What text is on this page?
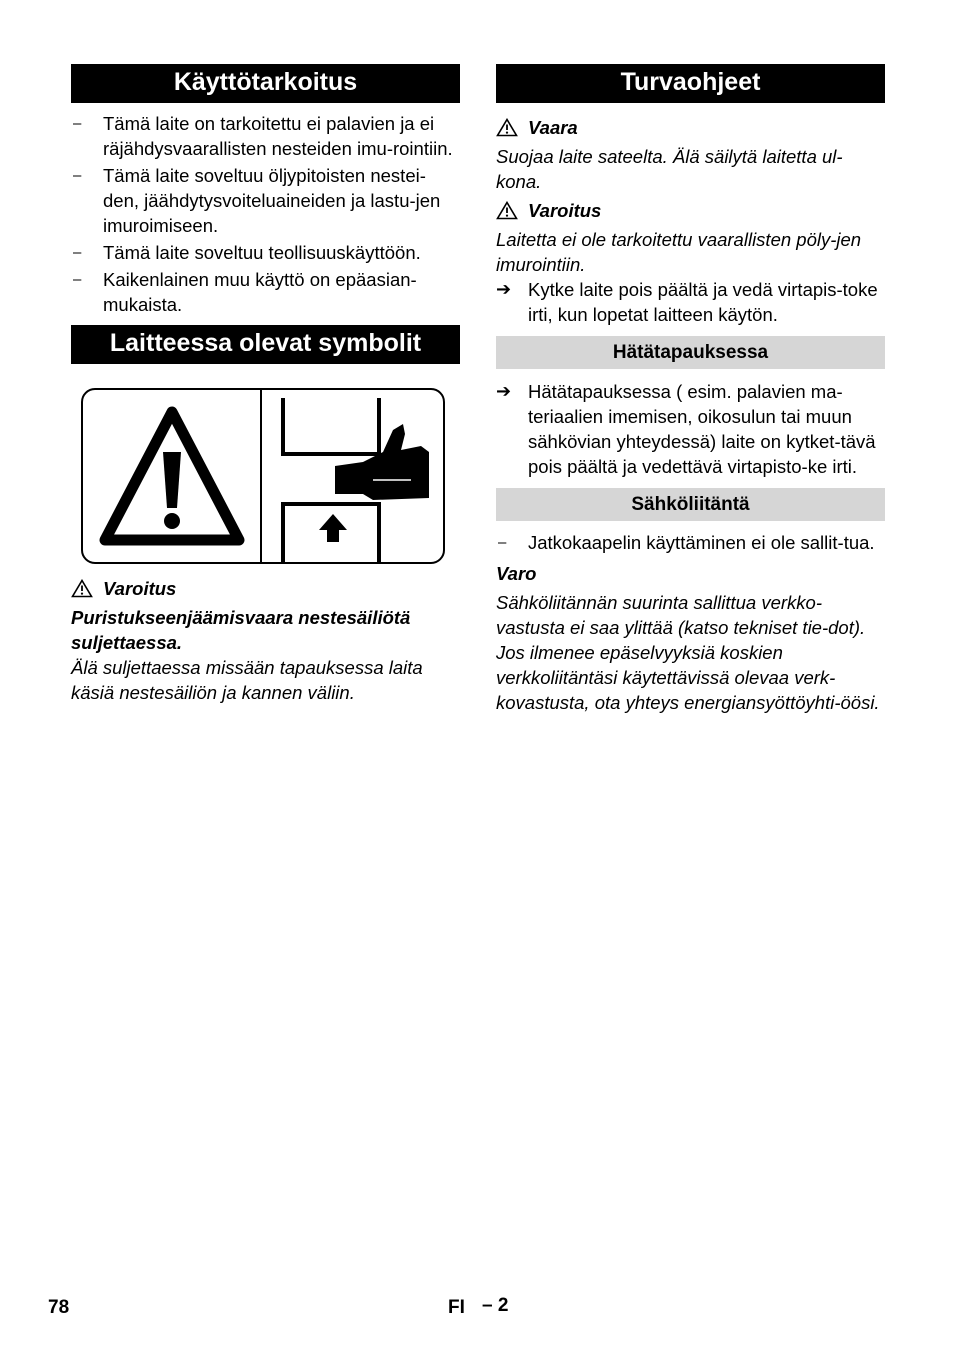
Käyttötarkoitus
–	Tämä laite on tarkoitettu ei palavien ja ei räjähdysvaarallisten nesteiden imu-rointiin.
–	Tämä laite soveltuu öljypitoisten nestei-den, jäähdytysvoiteluaineiden ja lastu-jen imuroimiseen.
–	Tämä laite soveltuu teollisuuskäyttöön.
–	Kaikenlainen muu käyttö on epäasian-mukaista.
Laitteessa olevat symbolit
Varoitus

Puristukseenjäämisvaara nestesäiliötä suljettaessa.

Älä suljettaessa missään tapauksessa laita käsiä nestesäiliön ja kannen väliin.

Turvaohjeet
Vaara

Suojaa laite sateelta. Älä säilytä laitetta ul-kona.

Varoitus

Laitetta ei ole tarkoitettu vaarallisten pöly-jen imurointiin.

➔ Kytke laite pois päältä ja vedä virtapis-toke irti, kun lopetat laitteen käytön.
Hätätapauksessa
➔ Hätätapauksessa ( esim. palavien ma-teriaalien imemisen, oikosulun tai muun sähkövian yhteydessä) laite on kytket-tävä pois päältä ja vedettävä virtapisto-ke irti.
Sähköliitäntä
–	Jatkokaapelin käyttäminen ei ole sallit-tua.

Varo

Sähköliitännän suurinta sallittua verkko-vastusta ei saa ylittää (katso tekniset tie-dot). Jos ilmenee epäselvyyksiä koskien verkkoliitäntäsi käytettävissä olevaa verk-kovastusta, ota yhteys energiansyöttöyhti-öösi.

78	FI – 2
